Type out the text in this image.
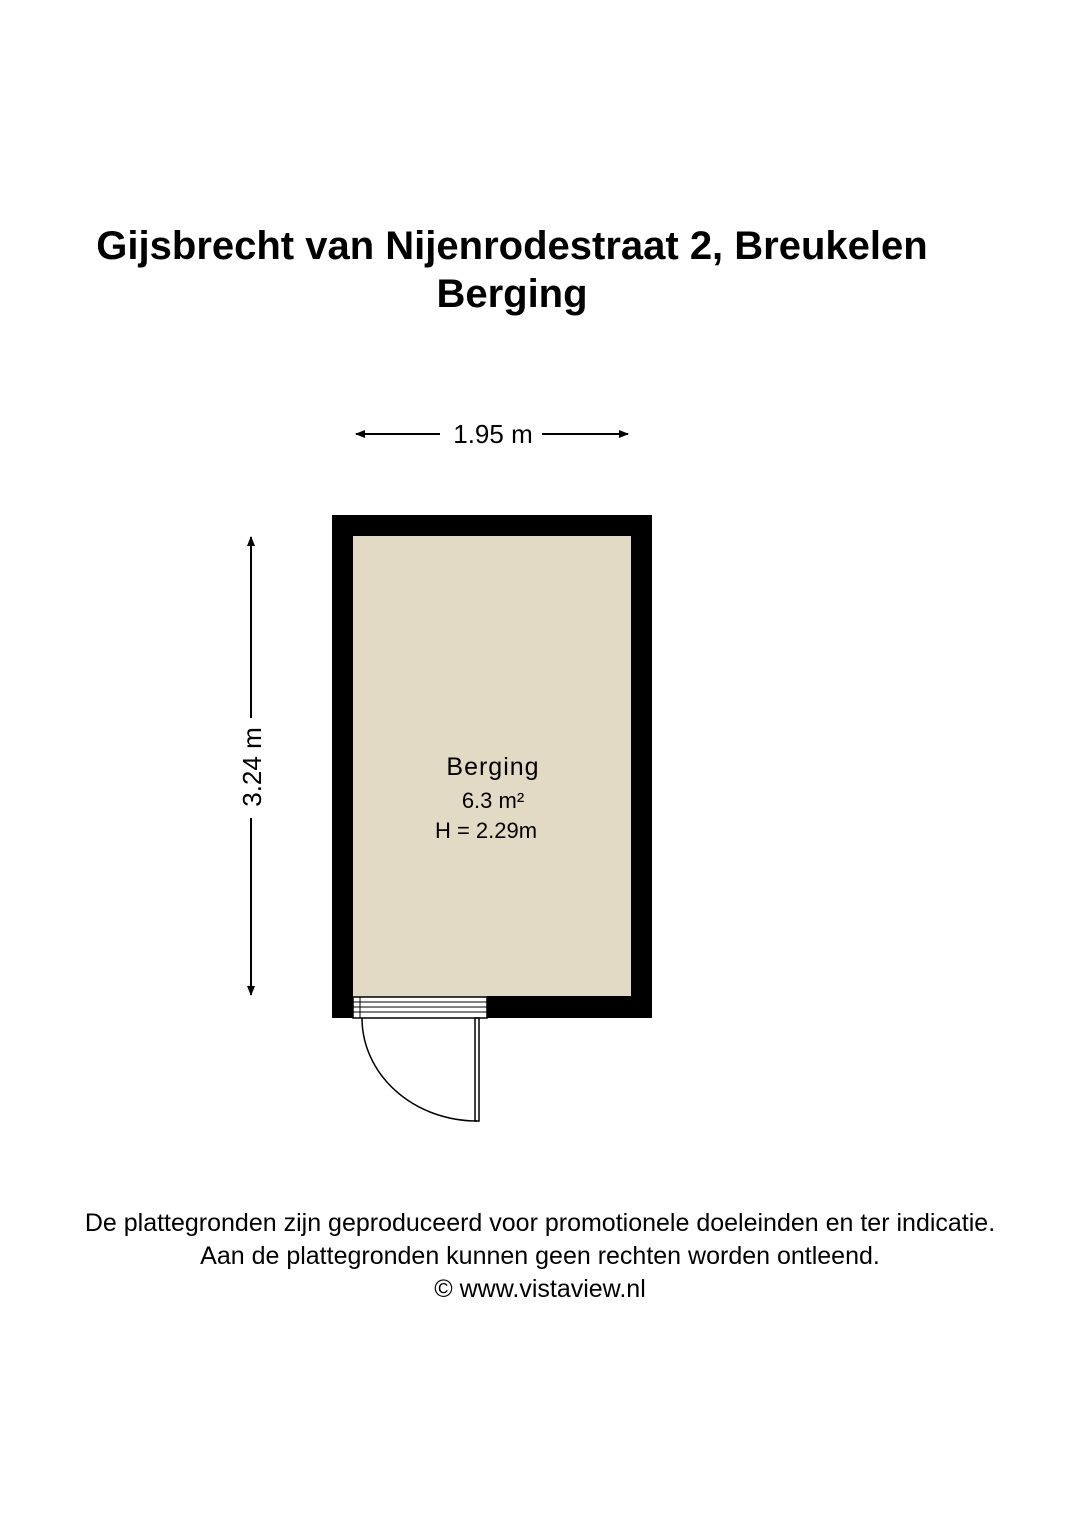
Gijsbrecht van Nijenrodestraat 2, Breukelen
Berging
1.95 m
3.24 m	Berging
6.3 m²
H = 2.29m
De plattegronden zijn geproduceerd voor promotionele doeleinden en ter indicatie.
Aan de plattegronden kunnen geen rechten worden ontleend.
© www.vistaview.nl
